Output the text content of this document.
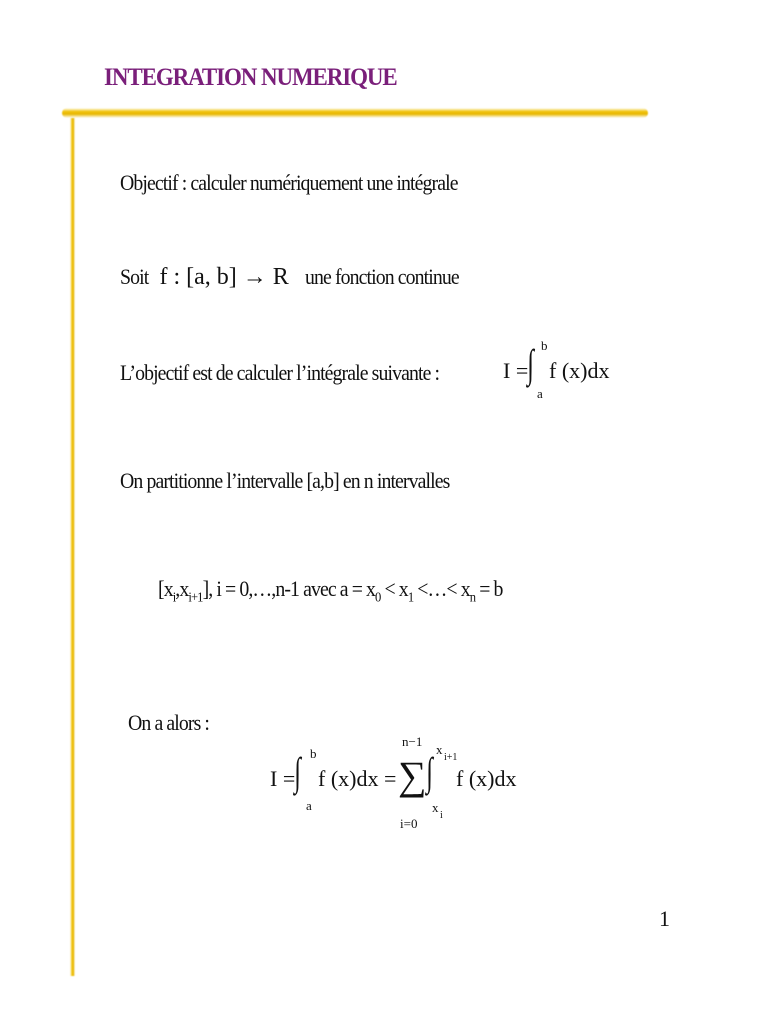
INTEGRATION NUMERIQUE
Objectif : calculer numériquement une intégrale
Soit f : [a, b] → R une fonction continue
L’objectif est de calculer l’intégrale suivante :	I =
∫ b
a
f (x)dx
On partitionne l’intervalle [a,b] en n intervalles
$[x_i,x_{i+1}]$, i = 0,…,n-1 avec $a = x_0 < x_1$ <…< $x_n = b$
On a alors :
I =
∫ b
a
f (x)dx =
n−1
∑
i=0
∫ x
i+1
x
i
f (x)dx
1
